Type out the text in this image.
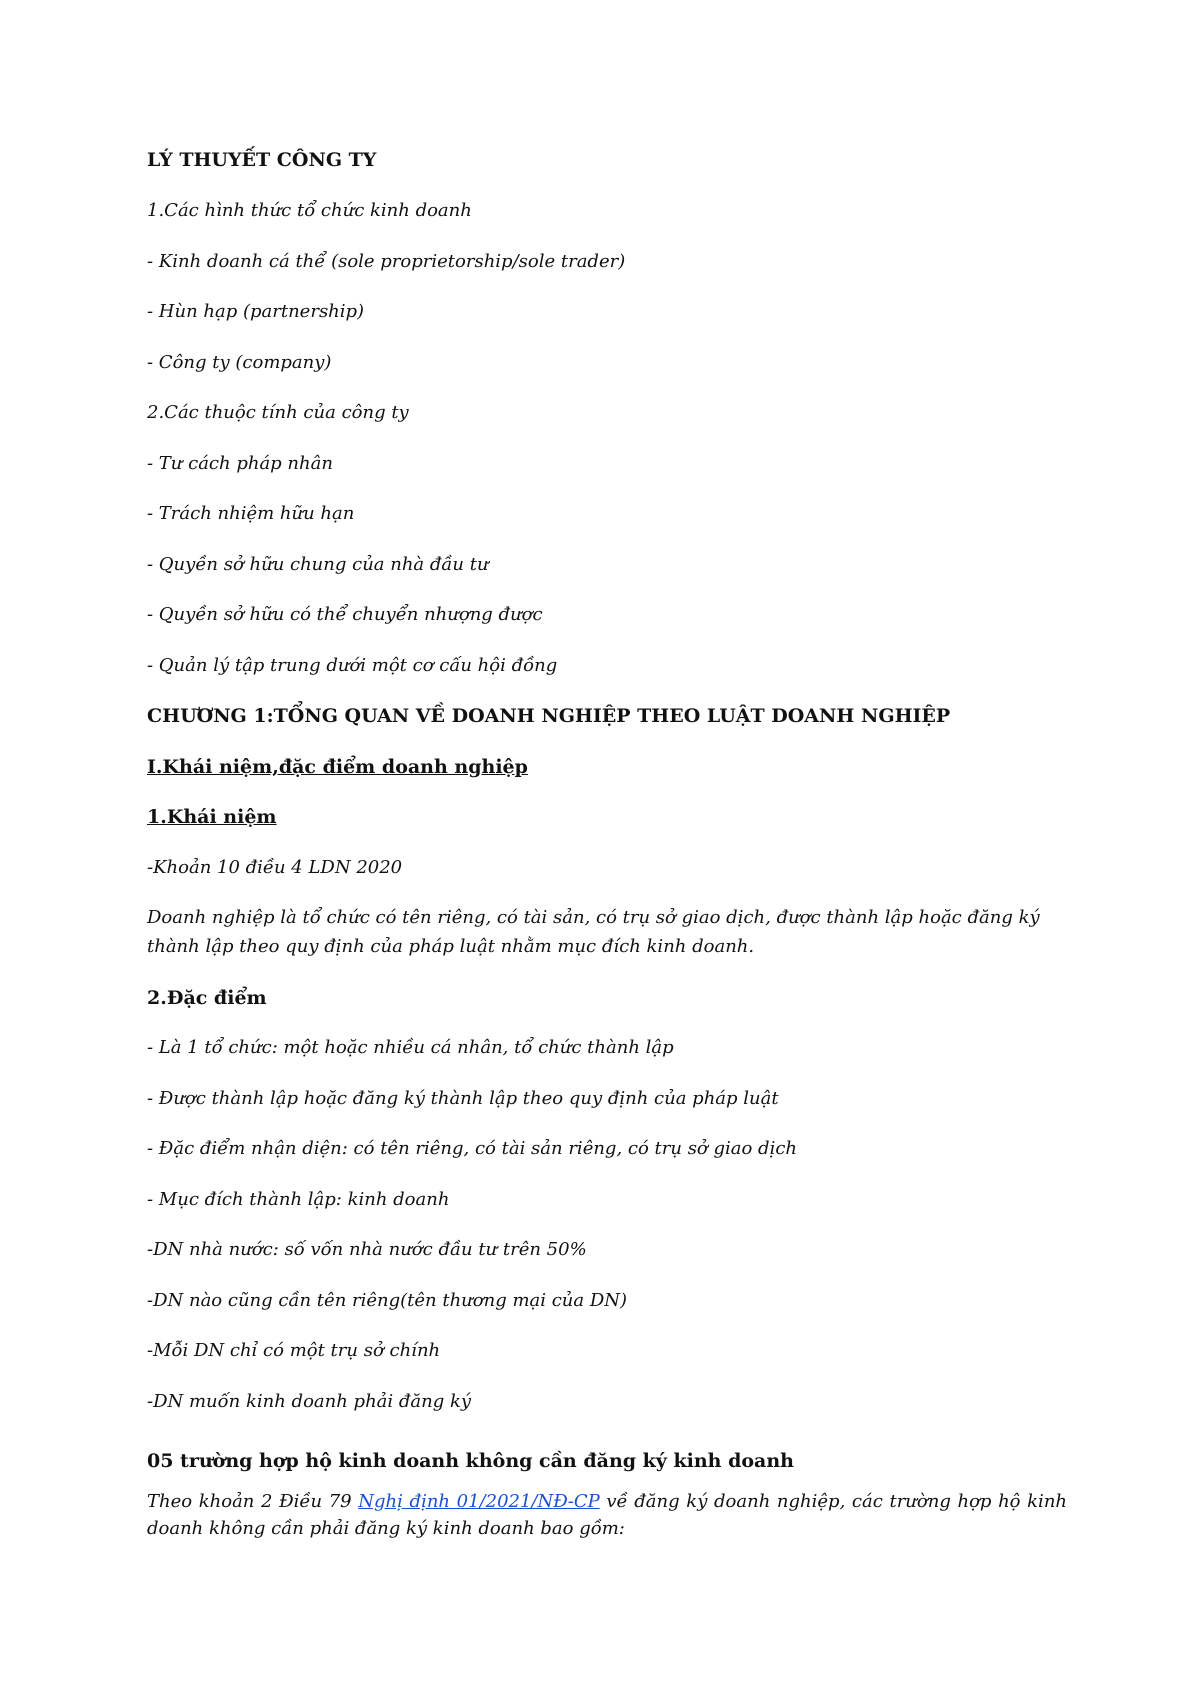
LÝ THUYẾT CÔNG TY
1.Các hình thức tổ chức kinh doanh
- Kinh doanh cá thể (sole proprietorship/sole trader)
- Hùn hạp (partnership)
- Công ty (company)
2.Các thuộc tính của công ty
- Tư cách pháp nhân
- Trách nhiệm hữu hạn
- Quyền sở hữu chung của nhà đầu tư
- Quyền sở hữu có thể chuyển nhượng được
- Quản lý tập trung dưới một cơ cấu hội đồng
CHƯƠNG 1:TỔNG QUAN VỀ DOANH NGHIỆP THEO LUẬT DOANH NGHIỆP
I.Khái niệm,đặc điểm doanh nghiệp
1.Khái niệm
-Khoản 10 điều 4 LDN 2020
Doanh nghiệp là tổ chức có tên riêng, có tài sản, có trụ sở giao dịch, được thành lập hoặc đăng ký thành lập theo quy định của pháp luật nhằm mục đích kinh doanh.
2.Đặc điểm
- Là 1 tổ chức: một hoặc nhiều cá nhân, tổ chức thành lập
- Được thành lập hoặc đăng ký thành lập theo quy định của pháp luật
- Đặc điểm nhận diện: có tên riêng, có tài sản riêng, có trụ sở giao dịch
- Mục đích thành lập: kinh doanh
-DN nhà nước: số vốn nhà nước đầu tư trên 50%
-DN nào cũng cần tên riêng(tên thương mại của DN)
-Mỗi DN chỉ có một trụ sở chính
-DN muốn kinh doanh phải đăng ký
05 trường hợp hộ kinh doanh không cần đăng ký kinh doanh
Theo khoản 2 Điều 79 Nghị định 01/2021/NĐ-CP về đăng ký doanh nghiệp, các trường hợp hộ kinh doanh không cần phải đăng ký kinh doanh bao gồm:
